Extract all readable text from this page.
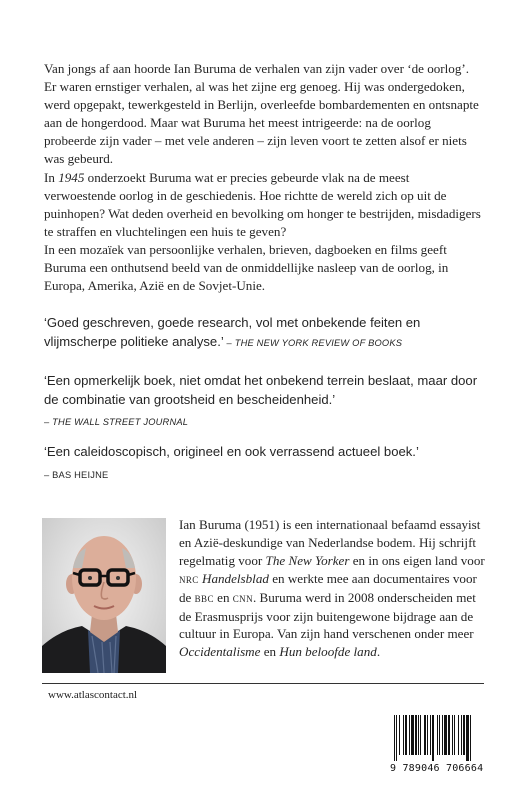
Van jongs af aan hoorde Ian Buruma de verhalen van zijn vader over ‘de oorlog’. Er waren ernstiger verhalen, al was het zijne erg genoeg. Hij was ondergedoken, werd opgepakt, tewerkgesteld in Berlijn, overleefde bombardementen en ontsnapte aan de hongerdood. Maar wat Buruma het meest intrigeerde: na de oorlog probeerde zijn vader – met vele anderen – zijn leven voort te zetten alsof er niets was gebeurd.

In 1945 onderzoekt Buruma wat er precies gebeurde vlak na de meest verwoestende oorlog in de geschiedenis. Hoe richtte de wereld zich op uit de puinhopen? Wat deden overheid en bevolking om honger te bestrijden, misdadigers te straffen en vluchtelingen een huis te geven?

In een mozaïek van persoonlijke verhalen, brieven, dagboeken en films geeft Buruma een onthutsend beeld van de onmiddellijke nasleep van de oorlog, in Europa, Amerika, Azië en de Sovjet-Unie.

‘Goed geschreven, goede research, vol met onbekende feiten en vlijmscherpe politieke analyse.’ – THE NEW YORK REVIEW OF BOOKS
‘Een opmerkelijk boek, niet omdat het onbekend terrein beslaat, maar door de combinatie van grootsheid en bescheidenheid.’
– THE WALL STREET JOURNAL
‘Een caleidoscopisch, origineel en ook verrassend actueel boek.’
– BAS HEIJNE
Ian Buruma (1951) is een internationaal befaamd essayist en Azië-deskundige van Nederlandse bodem. Hij schrijft regelmatig voor The New Yorker en in ons eigen land voor nrc Handelsblad en werkte mee aan documentaires voor de bbc en cnn. Buruma werd in 2008 onderscheiden met de Erasmusprijs voor zijn buitengewone bijdrage aan de cultuur in Europa. Van zijn hand verschenen onder meer Occidentalisme en Hun beloofde land.
www.atlascontact.nl
9 789046 706664
